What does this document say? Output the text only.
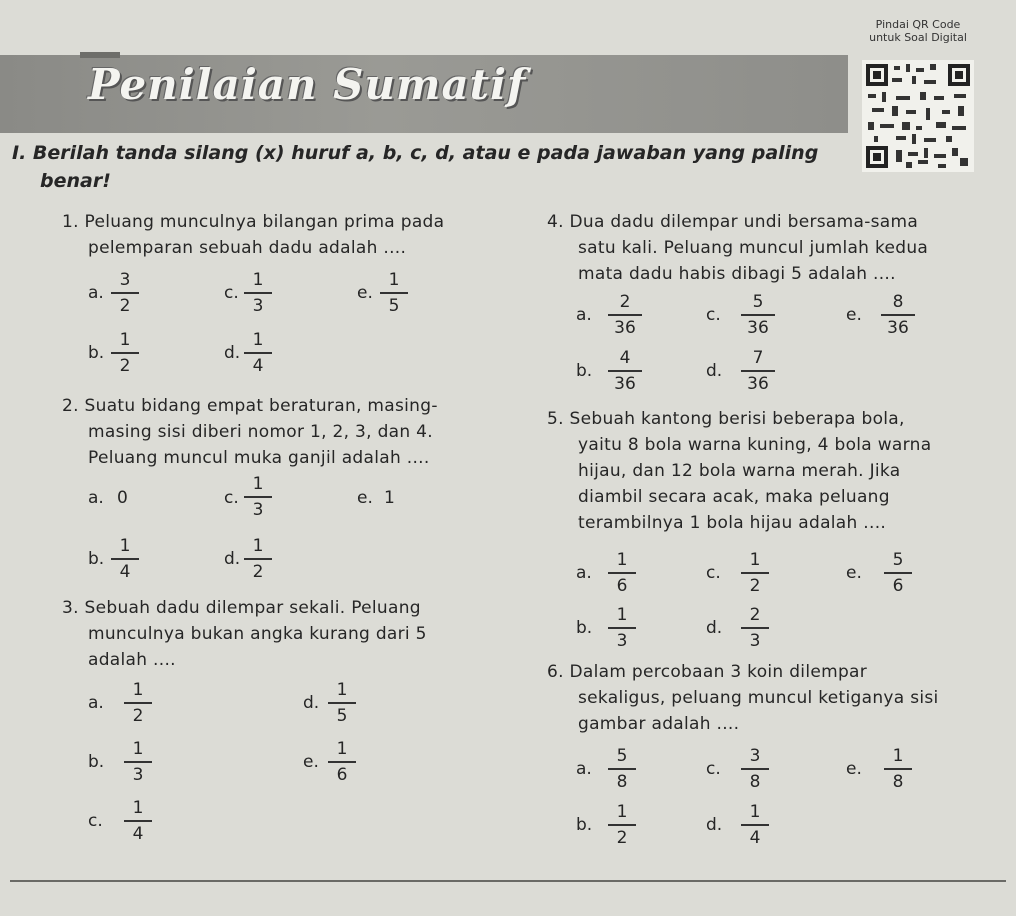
Pindai QR Code
untuk Soal Digital
Penilaian Sumatif
I. Berilah tanda silang (x) huruf a, b, c, d, atau e pada jawaban yang paling
benar!
1. Peluang munculnya bilangan prima pada
pelemparan sebuah dadu adalah ....
a.
3
2
c.
1
3
e.
1
5
b.
1
2
d.
1
4
2. Suatu bidang empat beraturan, masing-
masing sisi diberi nomor 1, 2, 3, dan 4.
Peluang muncul muka ganjil adalah ....
a. 0	c.
1
3
e. 1
b.
1
4
d.
1
2
3. Sebuah dadu dilempar sekali. Peluang
munculnya bukan angka kurang dari 5
adalah ....
a.
1
2
d.
1
5
b.
1
3
e.
1
6
c.
1
4
4. Dua dadu dilempar undi bersama-sama
satu kali. Peluang muncul jumlah kedua
mata dadu habis dibagi 5 adalah ....
a.
2
36
c.
5
36
e.
8
36
b.
4
36
d.
7
36
5. Sebuah kantong berisi beberapa bola,
yaitu 8 bola warna kuning, 4 bola warna
hijau, dan 12 bola warna merah. Jika
diambil secara acak, maka peluang
terambilnya 1 bola hijau adalah ....
a.
1
6
c.
1
2
e.
5
6
b.
1
3
d.
2
3
6. Dalam percobaan 3 koin dilempar
sekaligus, peluang muncul ketiganya sisi
gambar adalah ....
a.
5
8
c.
3
8
e.
1
8
b.
1
2
d.
1
4
